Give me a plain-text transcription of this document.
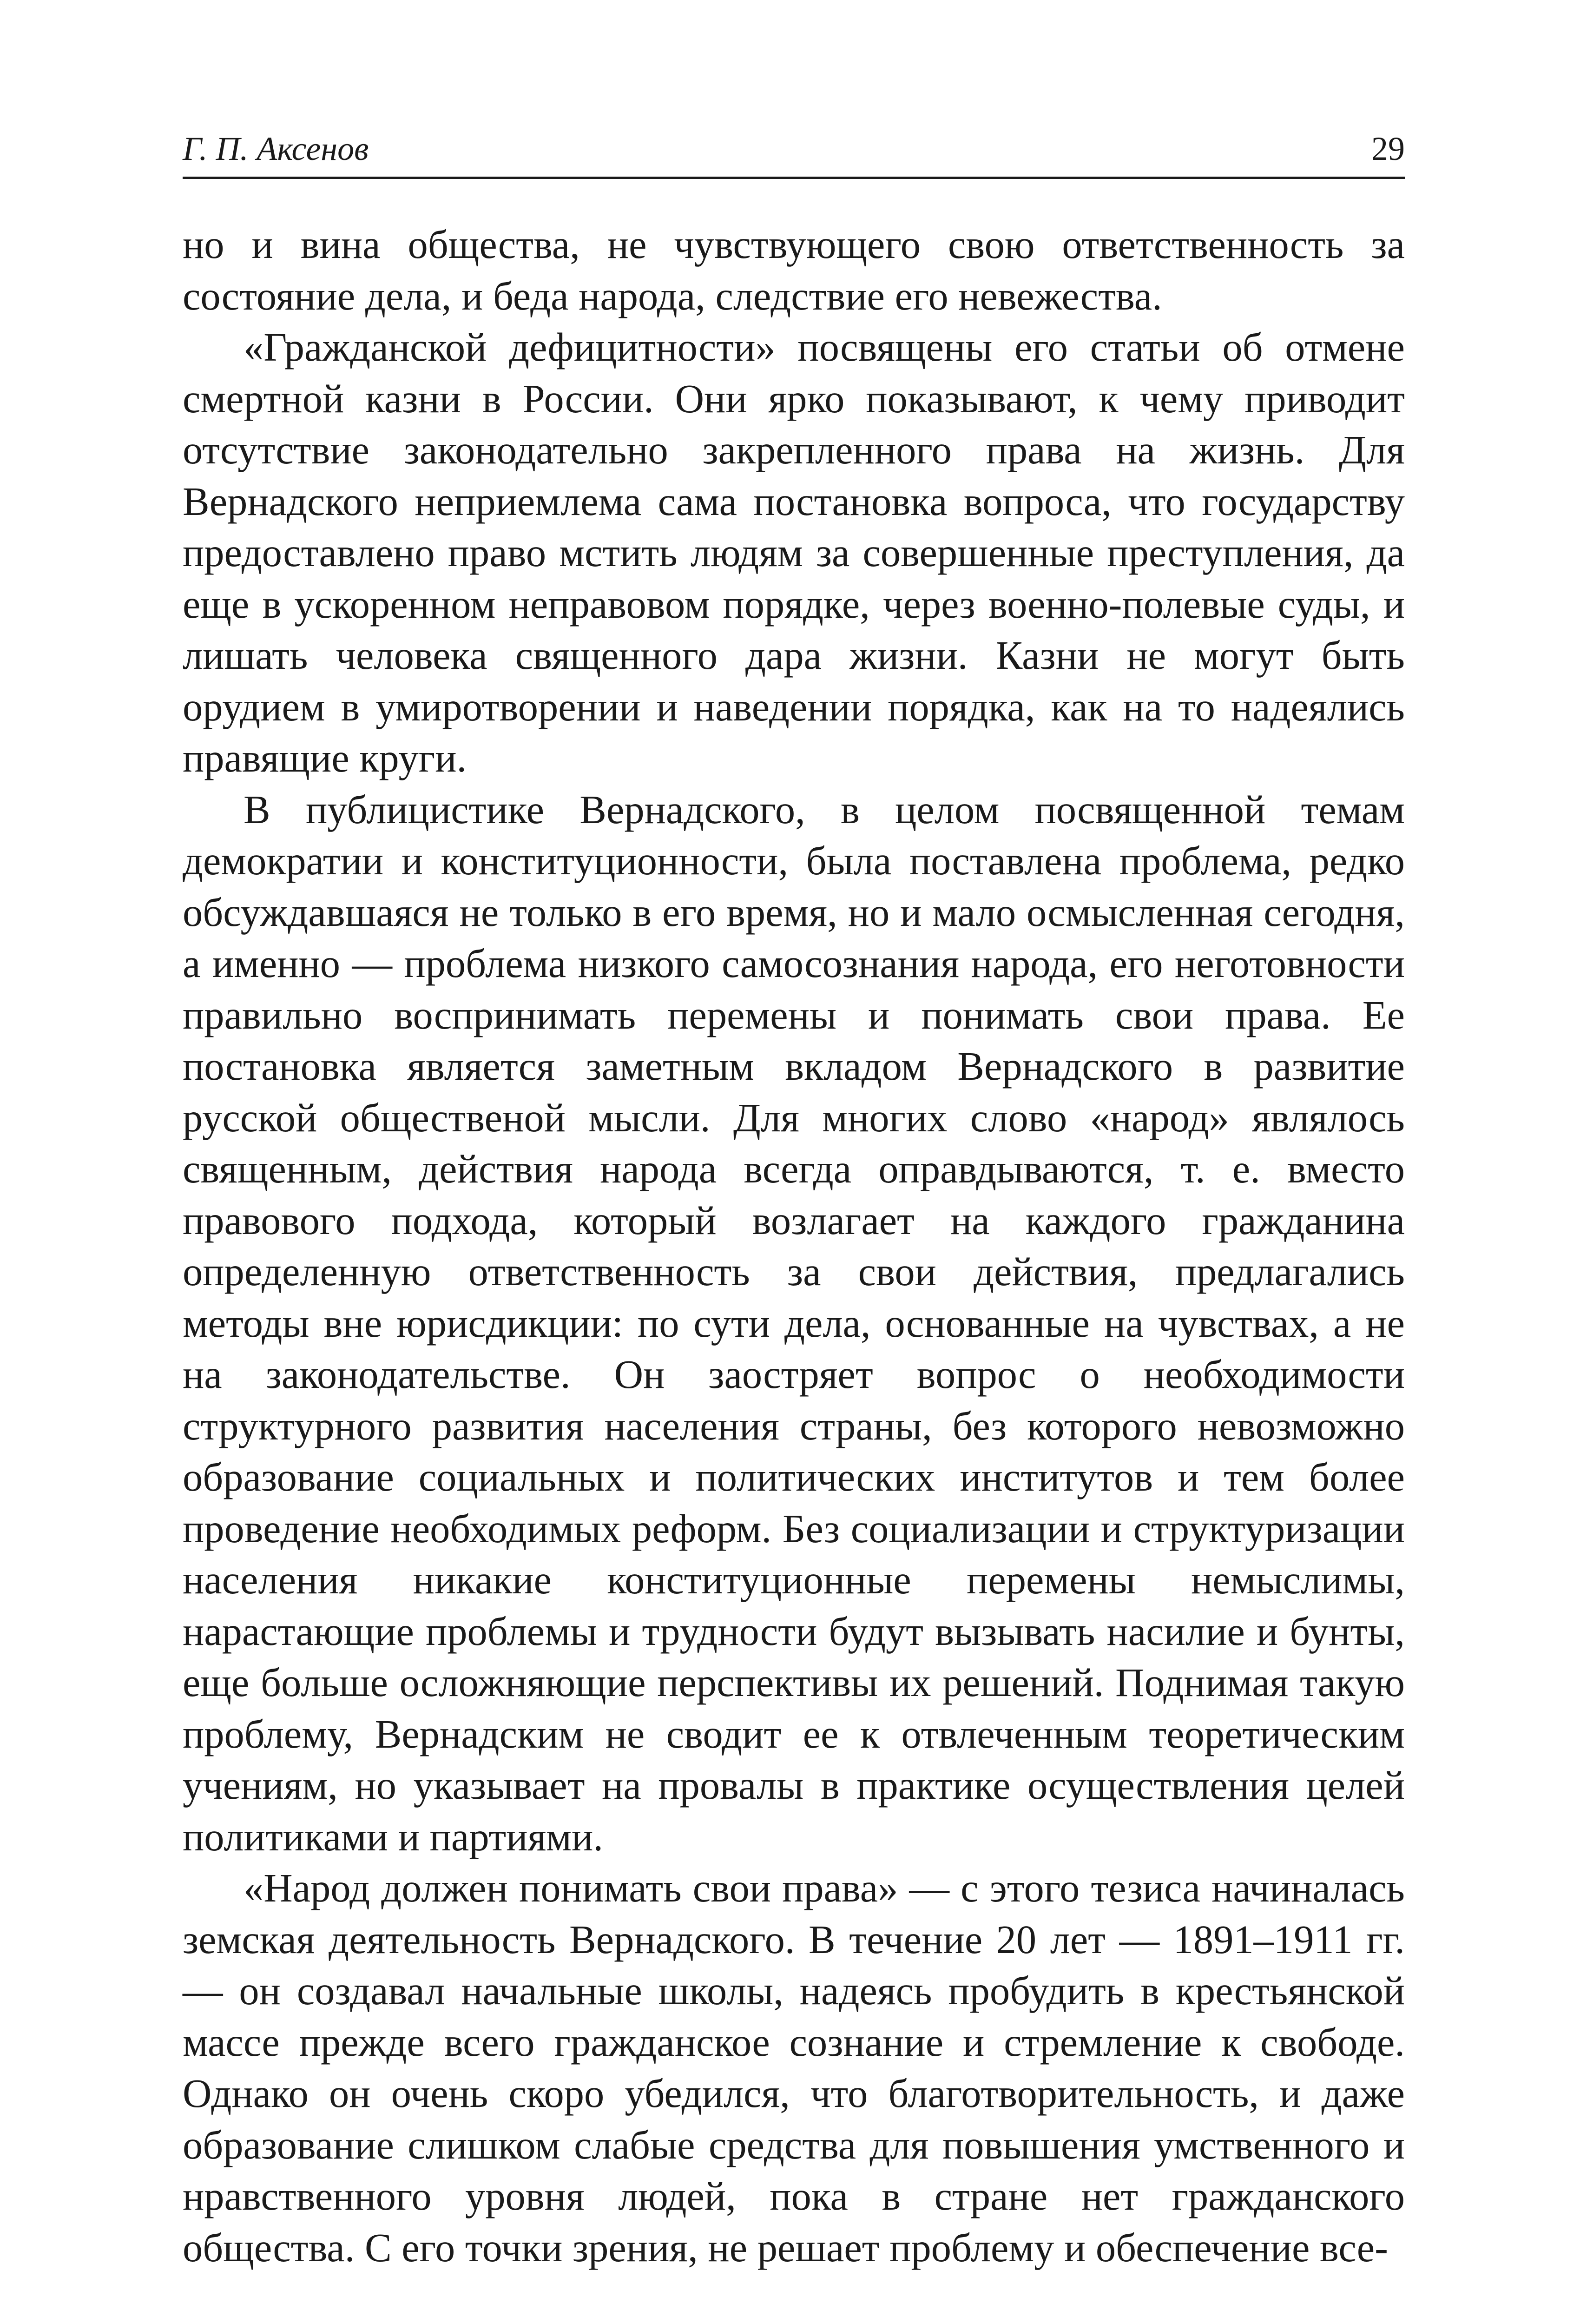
Г. П. Аксенов	29

но и вина общества, не чувствующего свою ответственность за состояние дела, и беда народа, следствие его невежества.

«Гражданской дефицитности» посвящены его статьи об отмене смертной казни в России. Они ярко показывают, к чему приводит отсутствие законодательно закрепленного права на жизнь. Для Вернадского неприемлема сама постановка вопроса, что государству предоставлено право мстить людям за совершенные преступления, да еще в ускоренном неправовом порядке, через военно-полевые суды, и лишать человека священного дара жизни. Казни не могут быть орудием в умиротворении и наведении порядка, как на то надеялись правящие круги.

В публицистике Вернадского, в целом посвященной темам демократии и конституционности, была поставлена проблема, редко обсуждавшаяся не только в его время, но и мало осмысленная сегодня, а именно — проблема низкого самосознания народа, его неготовности правильно воспринимать перемены и понимать свои права. Ее постановка является заметным вкладом Вернадского в развитие русской общественой мысли. Для многих слово «народ» являлось священным, действия народа всегда оправдываются, т. е. вместо правового подхода, который возлагает на каждого гражданина определенную ответственность за свои действия, предлагались методы вне юрисдикции: по сути дела, основанные на чувствах, а не на законодательстве. Он заостряет вопрос о необходимости структурного развития населения страны, без которого невозможно образование социальных и политических институтов и тем более проведение необходимых реформ. Без социализации и структуризации населения никакие конституционные перемены немыслимы, нарастающие проблемы и трудности будут вызывать насилие и бунты, еще больше осложняющие перспективы их решений. Поднимая такую проблему, Вернадским не сводит ее к отвлеченным теоретическим учениям, но указывает на провалы в практике осуществления целей политиками и партиями.

«Народ должен понимать свои права» — с этого тезиса начиналась земская деятельность Вернадского. В течение 20 лет — 1891–1911 гг. — он создавал начальные школы, надеясь пробудить в крестьянской массе прежде всего гражданское сознание и стремление к свободе. Однако он очень скоро убедился, что благотворительность, и даже образование слишком слабые средства для повышения умственного и нравственного уровня людей, пока в стране нет гражданского общества. С его точки зрения, не решает проблему и обеспечение все-
